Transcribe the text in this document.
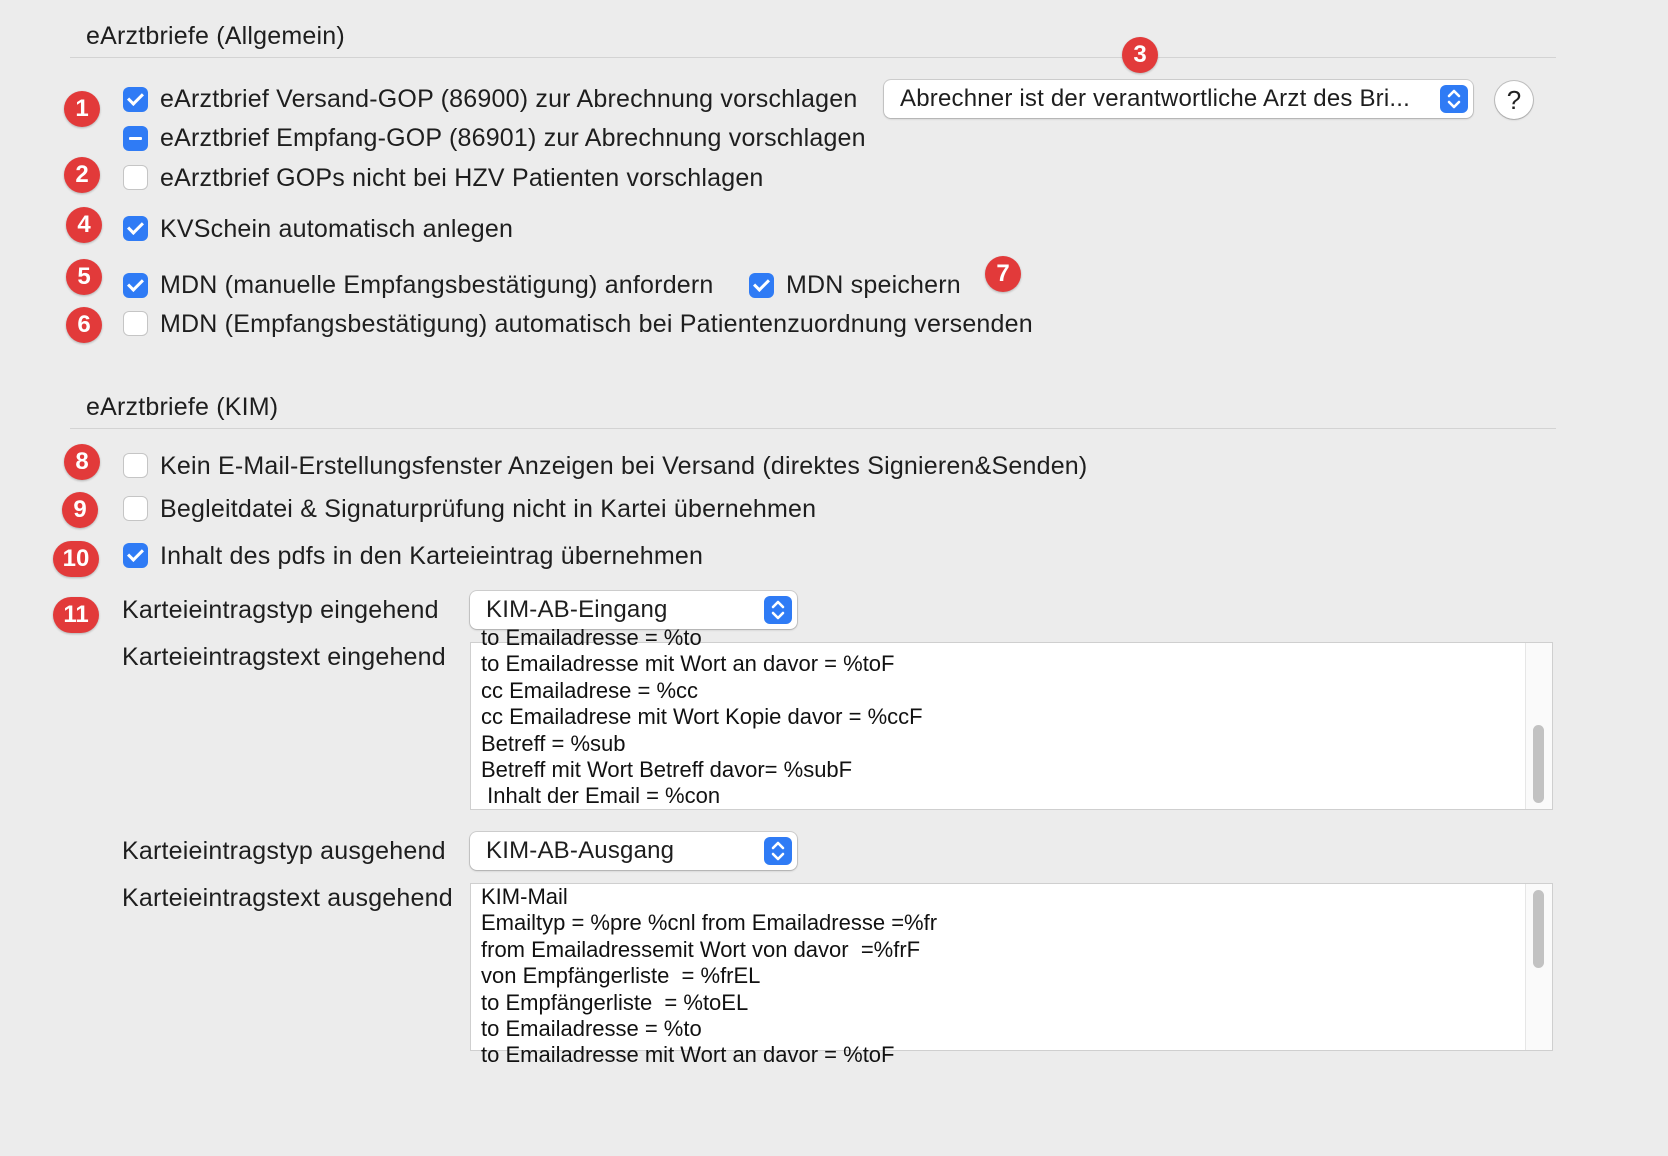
eArztbriefe (Allgemein)
3
1
2
4
5	7
6
8
9
10
11
eArztbrief Versand-GOP (86900) zur Abrechnung vorschlagen Abrechner ist der verantwortliche Arzt des Bri...	?
eArztbrief Empfang-GOP (86901) zur Abrechnung vorschlagen
eArztbrief GOPs nicht bei HZV Patienten vorschlagen
KVSchein automatisch anlegen
MDN (manuelle Empfangsbestätigung) anfordern	MDN speichern
MDN (Empfangsbestätigung) automatisch bei Patientenzuordnung versenden
eArztbriefe (KIM)
Kein E-Mail-Erstellungsfenster Anzeigen bei Versand (direktes Signieren&Senden)
Begleitdatei & Signaturprüfung nicht in Kartei übernehmen
Inhalt des pdfs in den Karteieintrag übernehmen
Karteieintragstyp eingehend KIM-AB-Eingang
Karteieintragstext eingehend
to Emailadresse = %to
to Emailadresse mit Wort an davor = %toF
cc Emailadrese = %cc
cc Emailadrese mit Wort Kopie davor = %ccF
Betreff = %sub
Betreff mit Wort Betreff davor= %subF
Inhalt der Email = %con
Karteieintragstyp ausgehend KIM-AB-Ausgang
Karteieintragstext ausgehend KIM-Mail
Emailtyp = %pre %cnl from Emailadresse =%fr
from Emailadressemit Wort von davor  =%frF
von Empfängerliste  = %frEL
to Empfängerliste  = %toEL
to Emailadresse = %to
to Emailadresse mit Wort an davor = %toF
